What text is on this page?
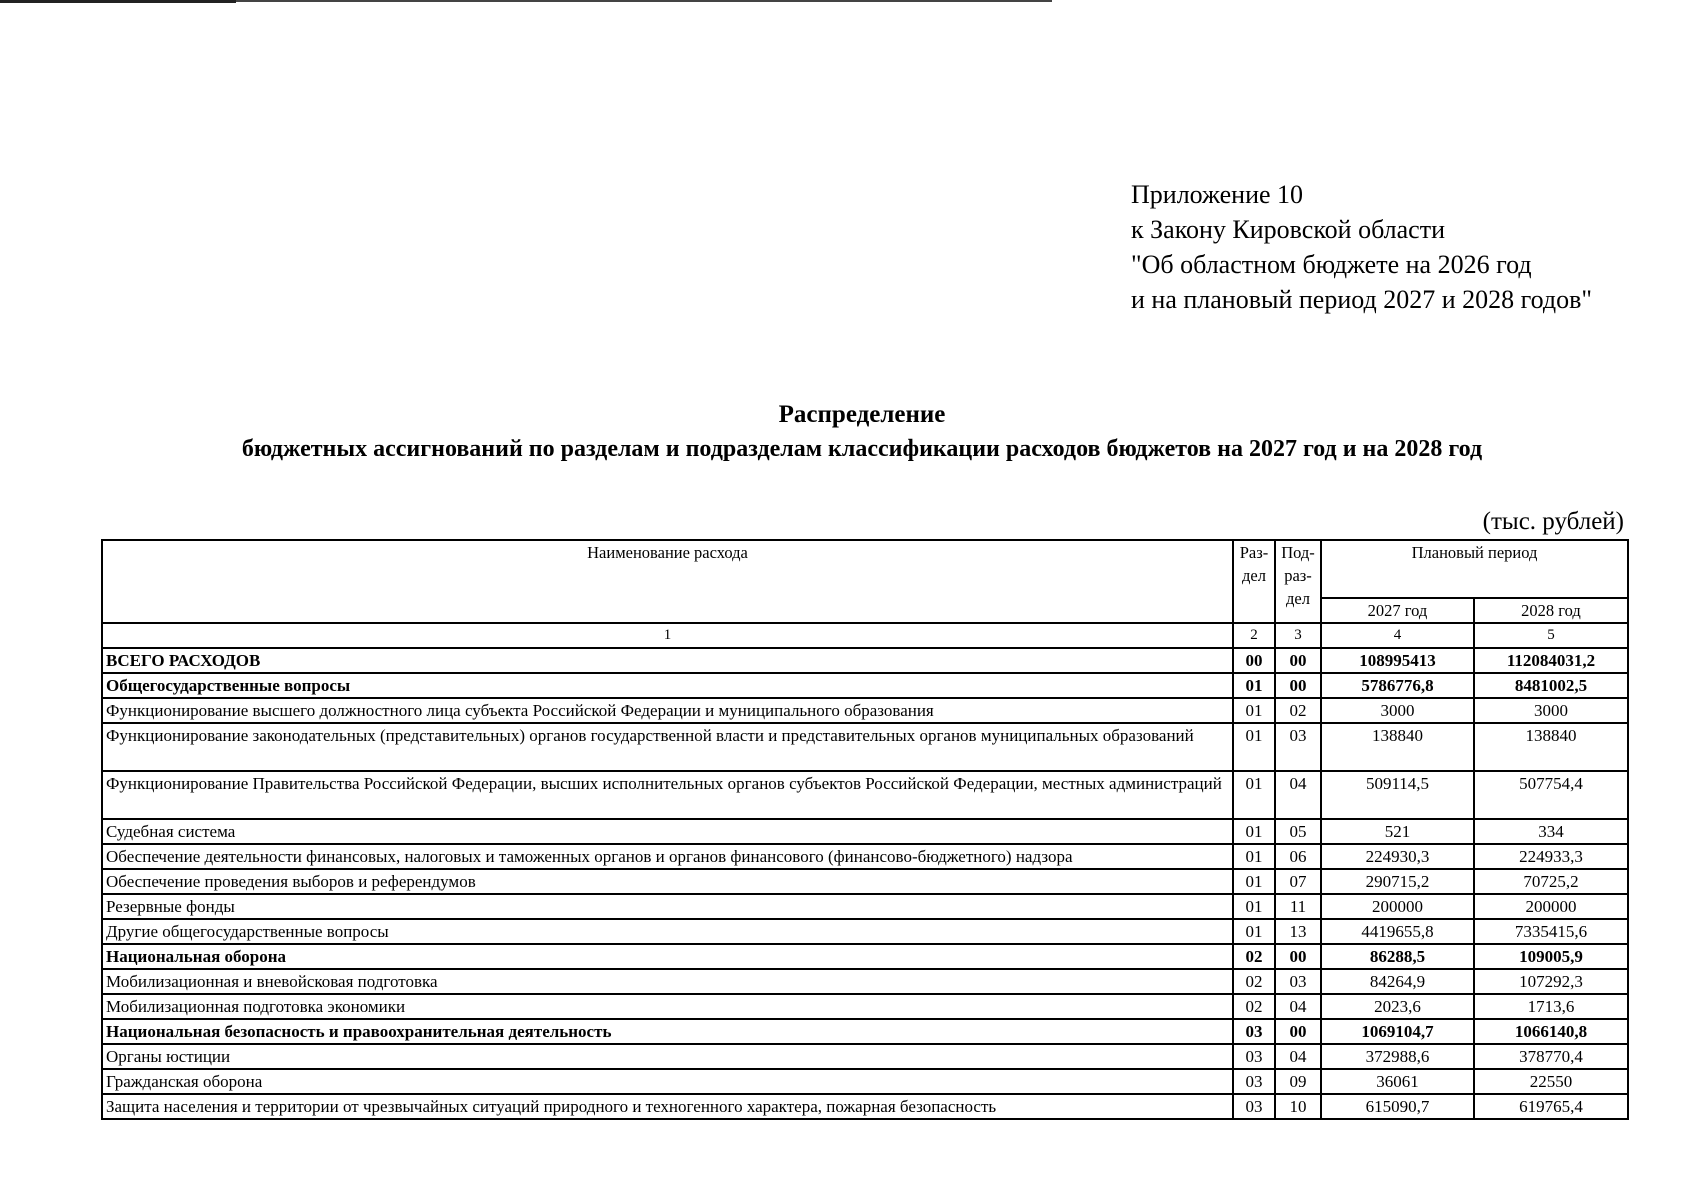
Приложение 10
к Закону Кировской области
"Об областном бюджете на 2026 год
и на плановый период 2027 и 2028 годов"
Распределение
бюджетных ассигнований по разделам и подразделам классификации расходов бюджетов на 2027 год и на 2028 год
(тыс. рублей)
Наименование расхода	Раз- дел	Под- раз- дел	Плановый период	
			2027 год	2028 год
1	2	3	4	5
ВСЕГО РАСХОДОВ	00	00	108995413	112084031,2
Общегосударственные вопросы	01	00	5786776,8	8481002,5
Функционирование высшего должностного лица субъекта Российской Федерации и муниципального образования	01	02	3000	3000
Функционирование законодательных (представительных) органов государственной власти и представительных органов муниципальных образований	01	03	138840	138840
Функционирование Правительства Российской Федерации, высших исполнительных органов субъектов Российской Федерации, местных администраций	01	04	509114,5	507754,4
Судебная система	01	05	521	334
Обеспечение деятельности финансовых, налоговых и таможенных органов и органов финансового (финансово-бюджетного) надзора	01	06	224930,3	224933,3
Обеспечение проведения выборов и референдумов	01	07	290715,2	70725,2
Резервные фонды	01	11	200000	200000
Другие общегосударственные вопросы	01	13	4419655,8	7335415,6
Национальная оборона	02	00	86288,5	109005,9
Мобилизационная и вневойсковая подготовка	02	03	84264,9	107292,3
Мобилизационная подготовка экономики	02	04	2023,6	1713,6
Национальная безопасность и правоохранительная деятельность	03	00	1069104,7	1066140,8
Органы юстиции	03	04	372988,6	378770,4
Гражданская оборона	03	09	36061	22550
Защита населения и территории от чрезвычайных ситуаций природного и техногенного характера, пожарная безопасность	03	10	615090,7	619765,4
